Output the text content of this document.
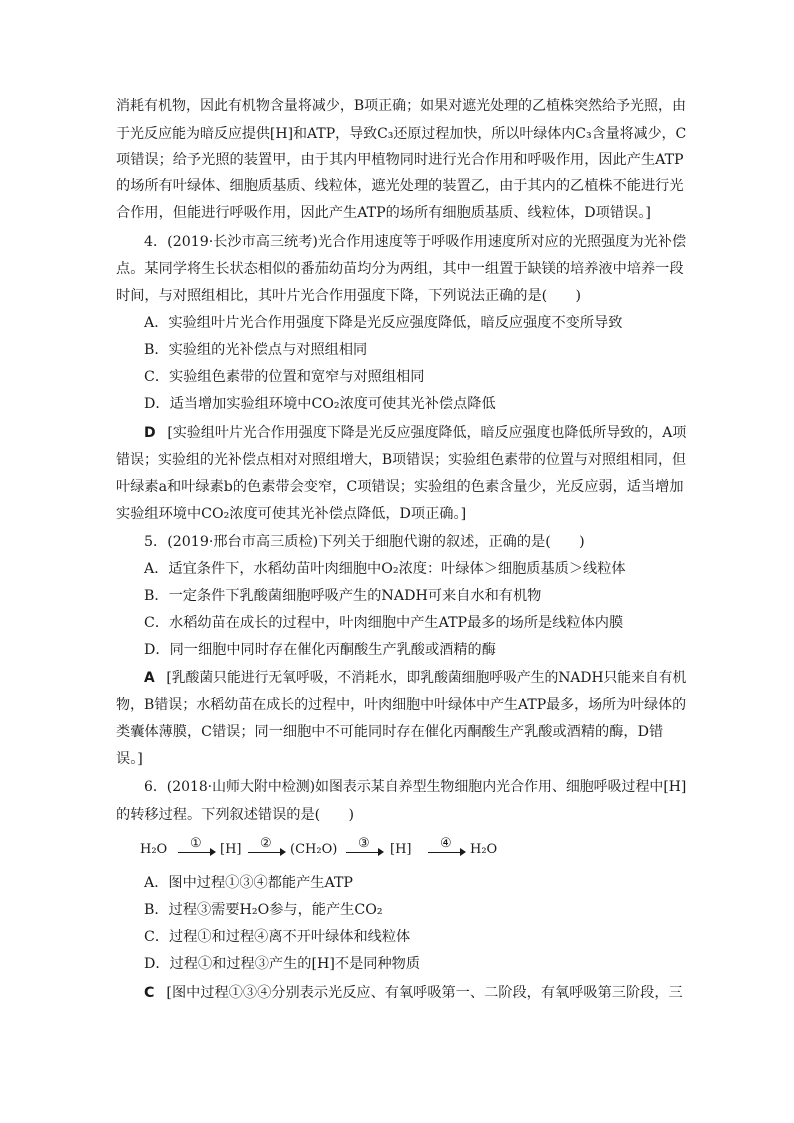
消耗有机物，因此有机物含量将减少，B项正确；如果对遮光处理的乙植株突然给予光照，由
于光反应能为暗反应提供[H]和ATP，导致C₃还原过程加快，所以叶绿体内C₃含量将减少，C
项错误；给予光照的装置甲，由于其内甲植物同时进行光合作用和呼吸作用，因此产生ATP
的场所有叶绿体、细胞质基质、线粒体，遮光处理的装置乙，由于其内的乙植株不能进行光
合作用，但能进行呼吸作用，因此产生ATP的场所有细胞质基质、线粒体，D项错误。]
4．(2019·长沙市高三统考)光合作用速度等于呼吸作用速度所对应的光照强度为光补偿
点。某同学将生长状态相似的番茄幼苗均分为两组，其中一组置于缺镁的培养液中培养一段
时间，与对照组相比，其叶片光合作用强度下降，下列说法正确的是(　　)
A．实验组叶片光合作用强度下降是光反应强度降低，暗反应强度不变所导致
B．实验组的光补偿点与对照组相同
C．实验组色素带的位置和宽窄与对照组相同
D．适当增加实验组环境中CO₂浓度可使其光补偿点降低
D [实验组叶片光合作用强度下降是光反应强度降低，暗反应强度也降低所导致的，A项
错误；实验组的光补偿点相对对照组增大，B项错误；实验组色素带的位置与对照组相同，但
叶绿素a和叶绿素b的色素带会变窄，C项错误；实验组的色素含量少，光反应弱，适当增加
实验组环境中CO₂浓度可使其光补偿点降低，D项正确。]
5．(2019·邢台市高三质检)下列关于细胞代谢的叙述，正确的是(　　)
A．适宜条件下，水稻幼苗叶肉细胞中O₂浓度：叶绿体＞细胞质基质＞线粒体
B．一定条件下乳酸菌细胞呼吸产生的NADH可来自水和有机物
C．水稻幼苗在成长的过程中，叶肉细胞中产生ATP最多的场所是线粒体内膜
D．同一细胞中同时存在催化丙酮酸生产乳酸或酒精的酶
A [乳酸菌只能进行无氧呼吸，不消耗水，即乳酸菌细胞呼吸产生的NADH只能来自有机
物，B错误；水稻幼苗在成长的过程中，叶肉细胞中叶绿体中产生ATP最多，场所为叶绿体的
类囊体薄膜，C错误；同一细胞中不可能同时存在催化丙酮酸生产乳酸或酒精的酶，D错
误。]
6．(2018·山师大附中检测)如图表示某自养型生物细胞内光合作用、细胞呼吸过程中[H]
的转移过程。下列叙述错误的是(　　)
H₂O ① [H] ② (CH₂O) ③ [H] ④ H₂O
A．图中过程①③④都能产生ATP
B．过程③需要H₂O参与，能产生CO₂
C．过程①和过程④离不开叶绿体和线粒体
D．过程①和过程③产生的[H]不是同种物质
C [图中过程①③④分别表示光反应、有氧呼吸第一、二阶段，有氧呼吸第三阶段，三
